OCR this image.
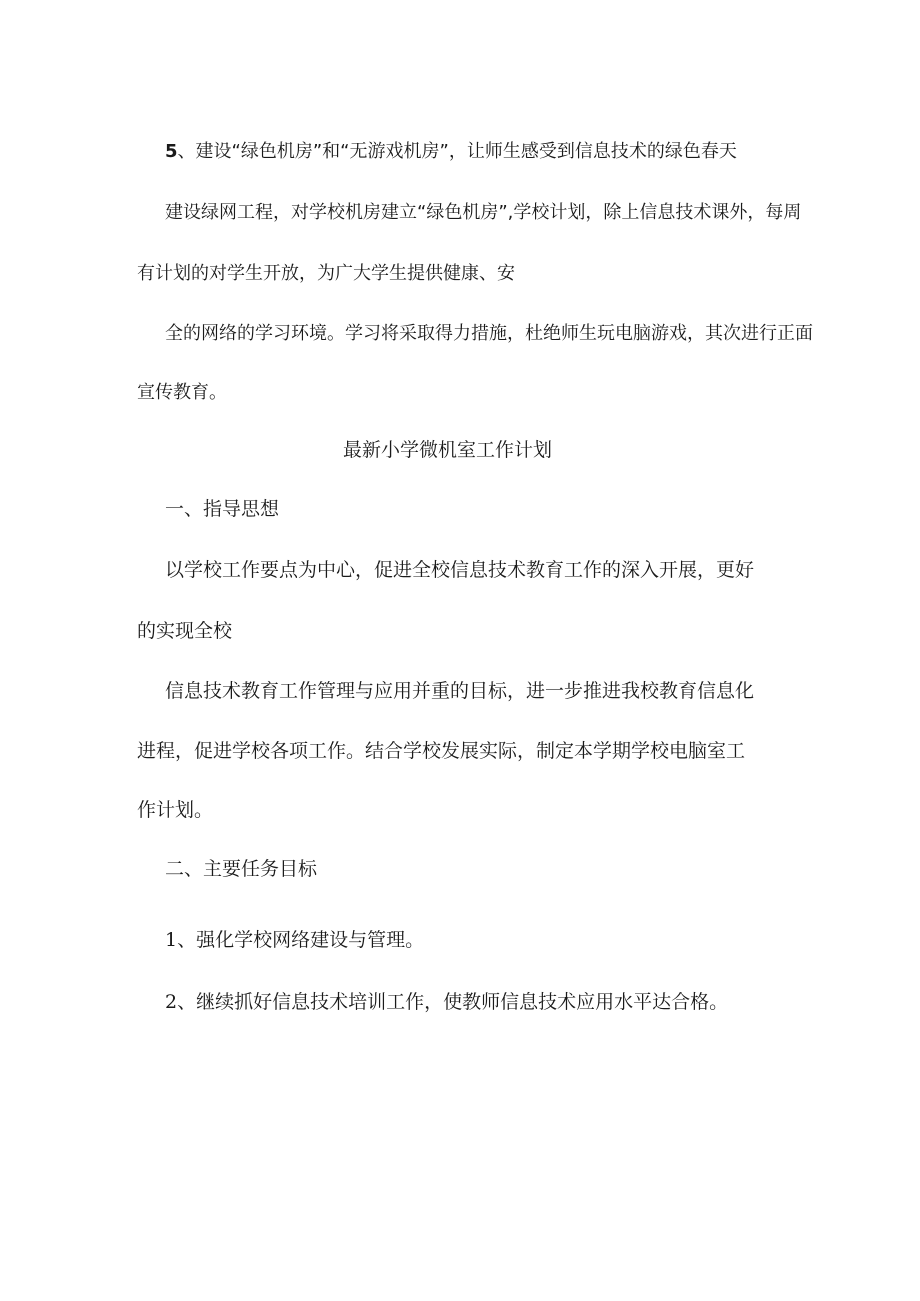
5、建设“绿色机房”和“无游戏机房”，让师生感受到信息技术的绿色春天
建设绿网工程，对学校机房建立“绿色机房”,学校计划，除上信息技术课外，每周
有计划的对学生开放，为广大学生提供健康、安
全的网络的学习环境。学习将采取得力措施，杜绝师生玩电脑游戏，其次进行正面
宣传教育。
最新小学微机室工作计划
一、指导思想
以学校工作要点为中心，促进全校信息技术教育工作的深入开展，更好
的实现全校
信息技术教育工作管理与应用并重的目标，进一步推进我校教育信息化
进程，促进学校各项工作。结合学校发展实际，制定本学期学校电脑室工
作计划。
二、主要任务目标
1、强化学校网络建设与管理。
2、继续抓好信息技术培训工作，使教师信息技术应用水平达合格。
